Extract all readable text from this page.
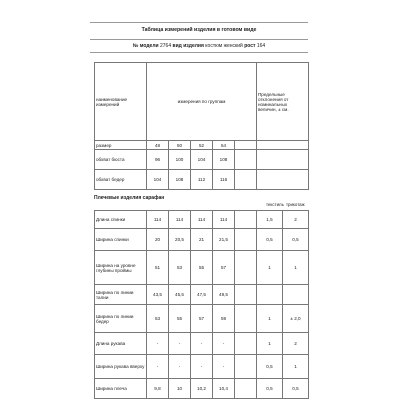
Таблица измерений изделия в готовом виде
№ модели 2764 вид изделия костюм женский рост 164
наименование измерений	измерения по группам					Предельные отклонения от номинальных величин, ± см.
размер	48	50	52	54		
обхват бюста	96	100	104	108		
обхват бедер	104	108	112	116		
Плечевые изделия сарафан
текстиль трикотаж
Длина спинки	114	114	114	114		1,5	2
Ширина спинки	20	20,5	21	21,5		0,5	0,5
Ширина на уровне глубины проймы	51	53	55	57		1	1
Ширина по линии талии	43,5	45,5	47,5	49,5			
Ширина по линии бедер	53	55	57	59		1	± 2,0
Длина рукава	-	-	-	-		1	2
Ширина рукава вверху	-	-	-	-		0,5	1
Ширина плеча	9,8	10	10,2	10,4		0,5	0,5
